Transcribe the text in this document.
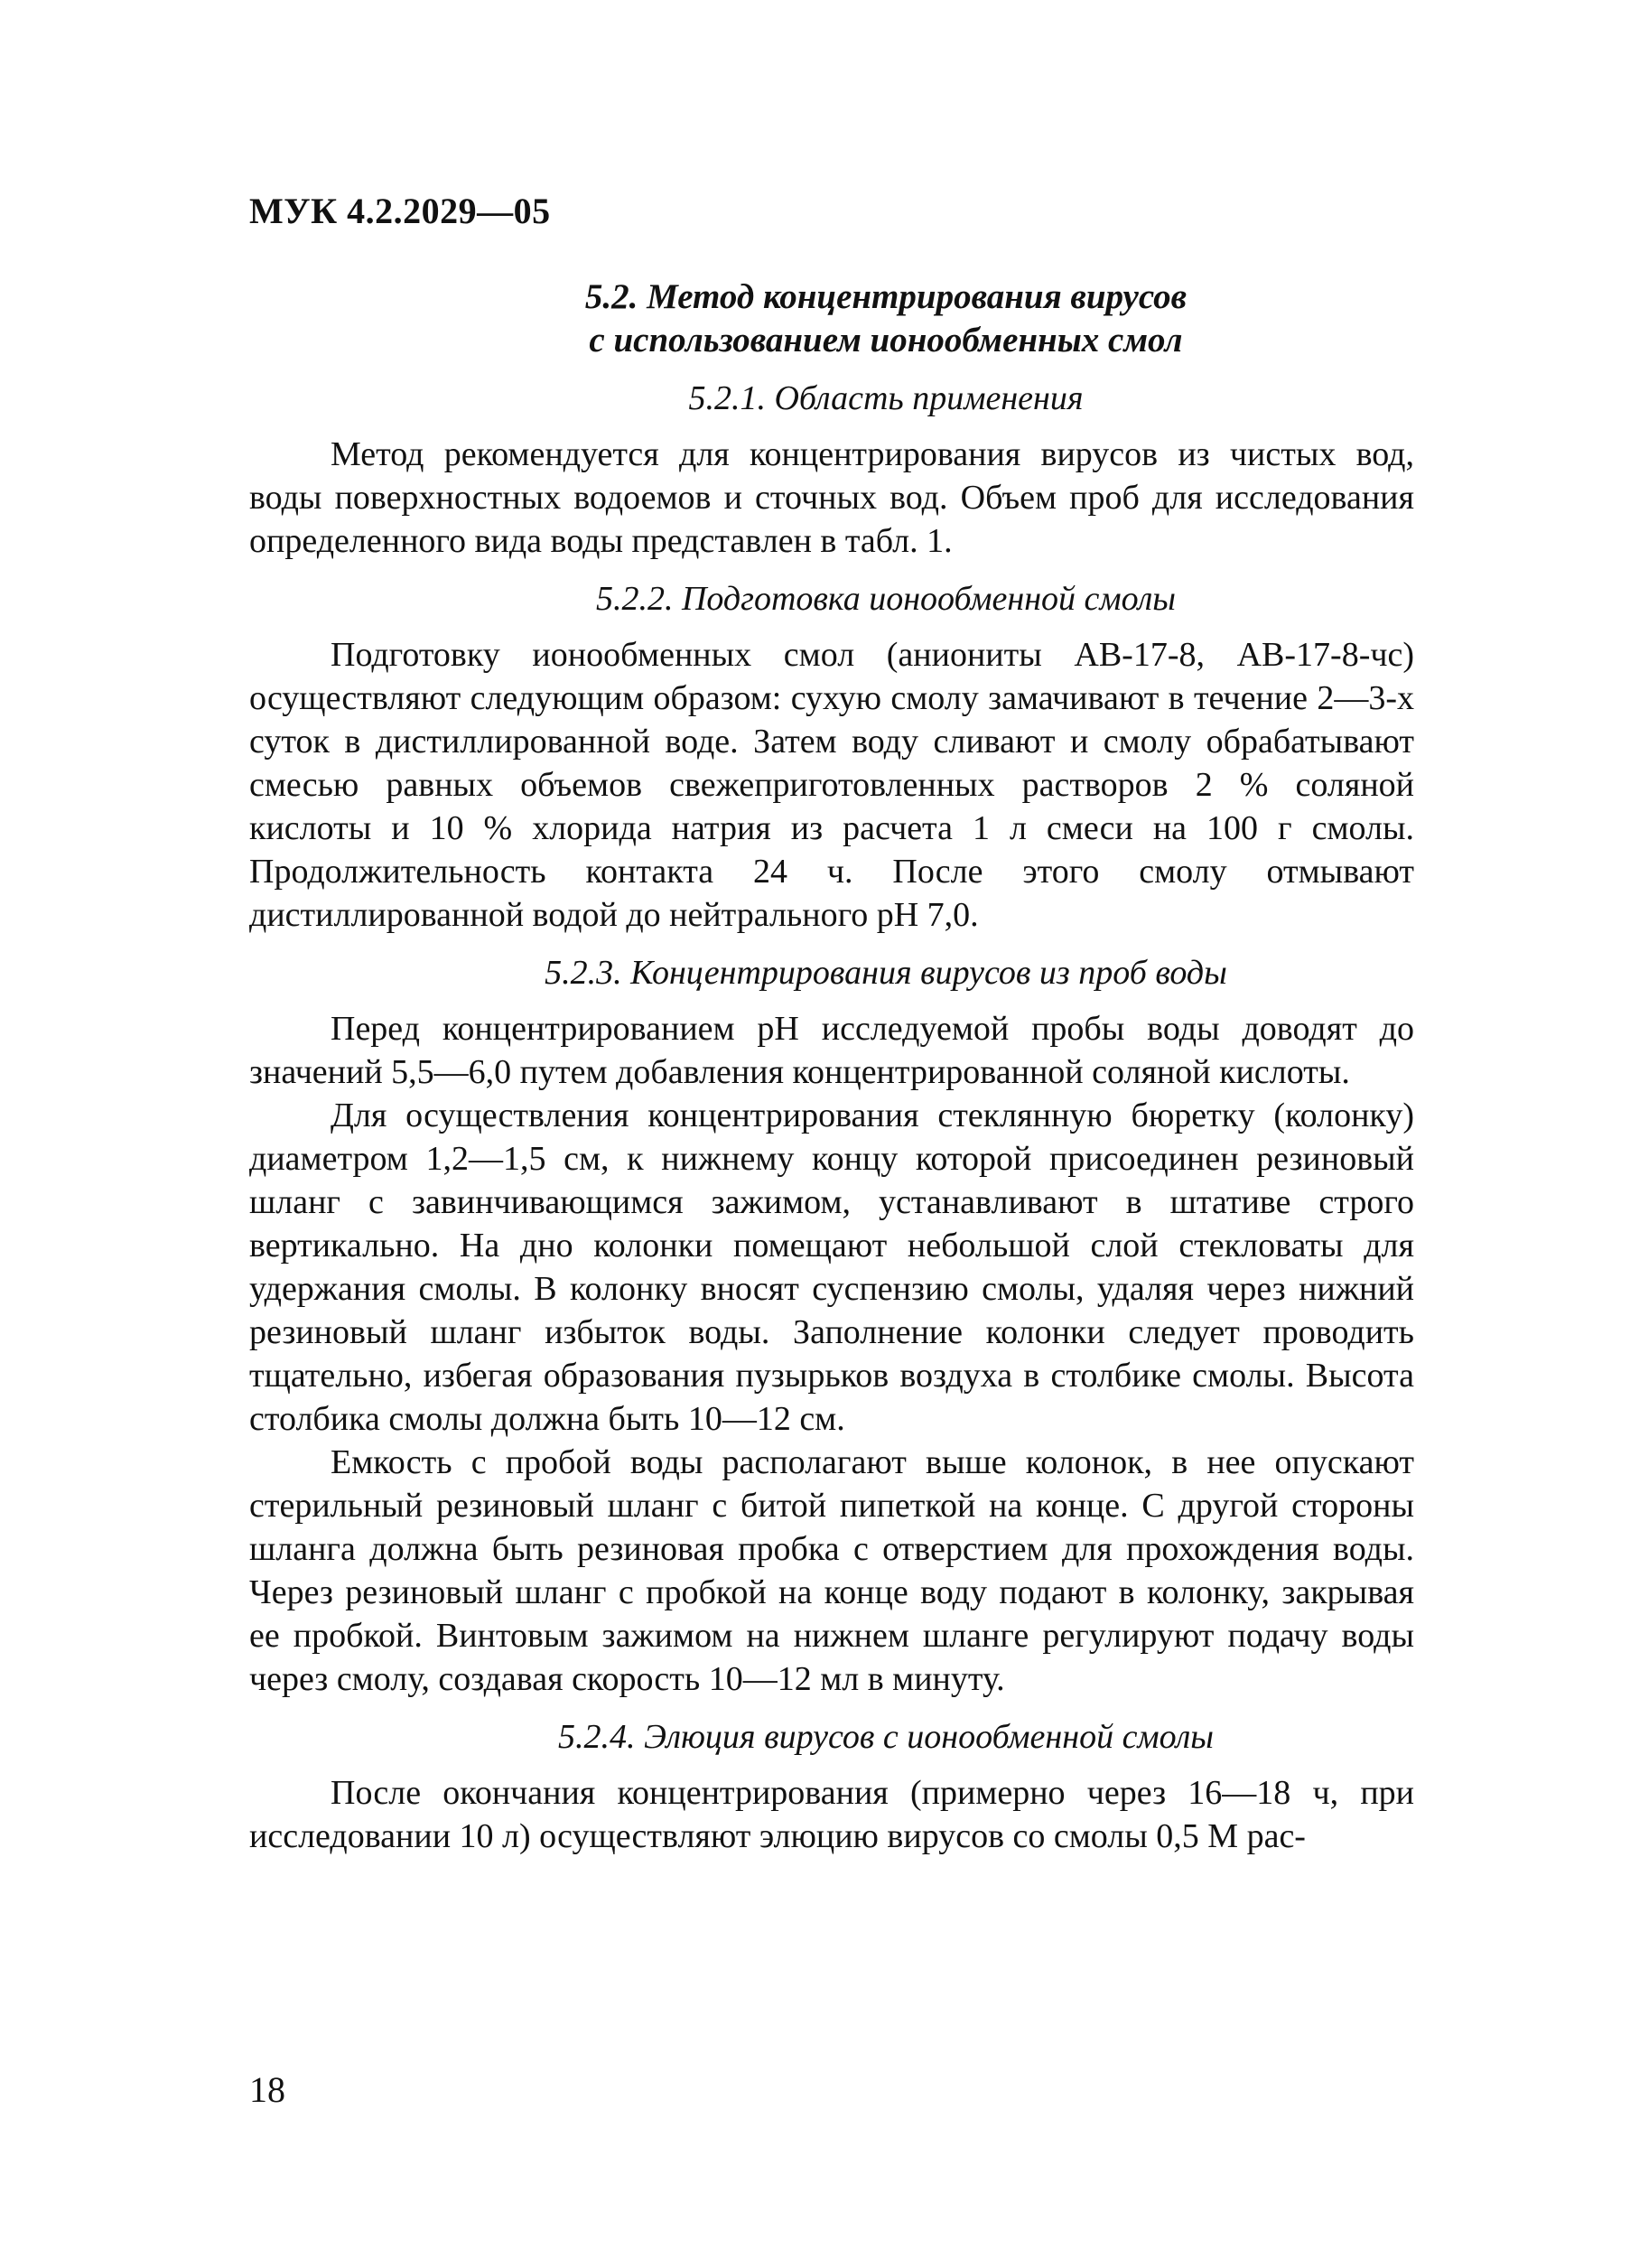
МУК 4.2.2029—05
5.2. Метод концентрирования вирусов
с использованием ионообменных смол
5.2.1. Область применения

Метод рекомендуется для концентрирования вирусов из чистых вод, воды поверхностных водоемов и сточных вод. Объем проб для исследования определенного вида воды представлен в табл. 1.

5.2.2. Подготовка ионообменной смолы

Подготовку ионообменных смол (аниониты АВ-17-8, АВ-17-8-чс) осуществляют следующим образом: сухую смолу замачивают в течение 2—3-х суток в дистиллированной воде. Затем воду сливают и смолу обрабатывают смесью равных объемов свежеприготовленных растворов 2 % соляной кислоты и 10 % хлорида натрия из расчета 1 л смеси на 100 г смолы. Продолжительность контакта 24 ч. После этого смолу отмывают дистиллированной водой до нейтрального рН 7,0.

5.2.3. Концентрирования вирусов из проб воды

Перед концентрированием рН исследуемой пробы воды доводят до значений 5,5—6,0 путем добавления концентрированной соляной кислоты.

Для осуществления концентрирования стеклянную бюретку (колонку) диаметром 1,2—1,5 см, к нижнему концу которой присоединен резиновый шланг с завинчивающимся зажимом, устанавливают в штативе строго вертикально. На дно колонки помещают небольшой слой стекловаты для удержания смолы. В колонку вносят суспензию смолы, удаляя через нижний резиновый шланг избыток воды. Заполнение колонки следует проводить тщательно, избегая образования пузырьков воздуха в столбике смолы. Высота столбика смолы должна быть 10—12 см.

Емкость с пробой воды располагают выше колонок, в нее опускают стерильный резиновый шланг с битой пипеткой на конце. С другой стороны шланга должна быть резиновая пробка с отверстием для прохождения воды. Через резиновый шланг с пробкой на конце воду подают в колонку, закрывая ее пробкой. Винтовым зажимом на нижнем шланге регулируют подачу воды через смолу, создавая скорость 10—12 мл в минуту.

5.2.4. Элюция вирусов с ионообменной смолы

После окончания концентрирования (примерно через 16—18 ч, при исследовании 10 л) осуществляют элюцию вирусов со смолы 0,5 М рас-

18
